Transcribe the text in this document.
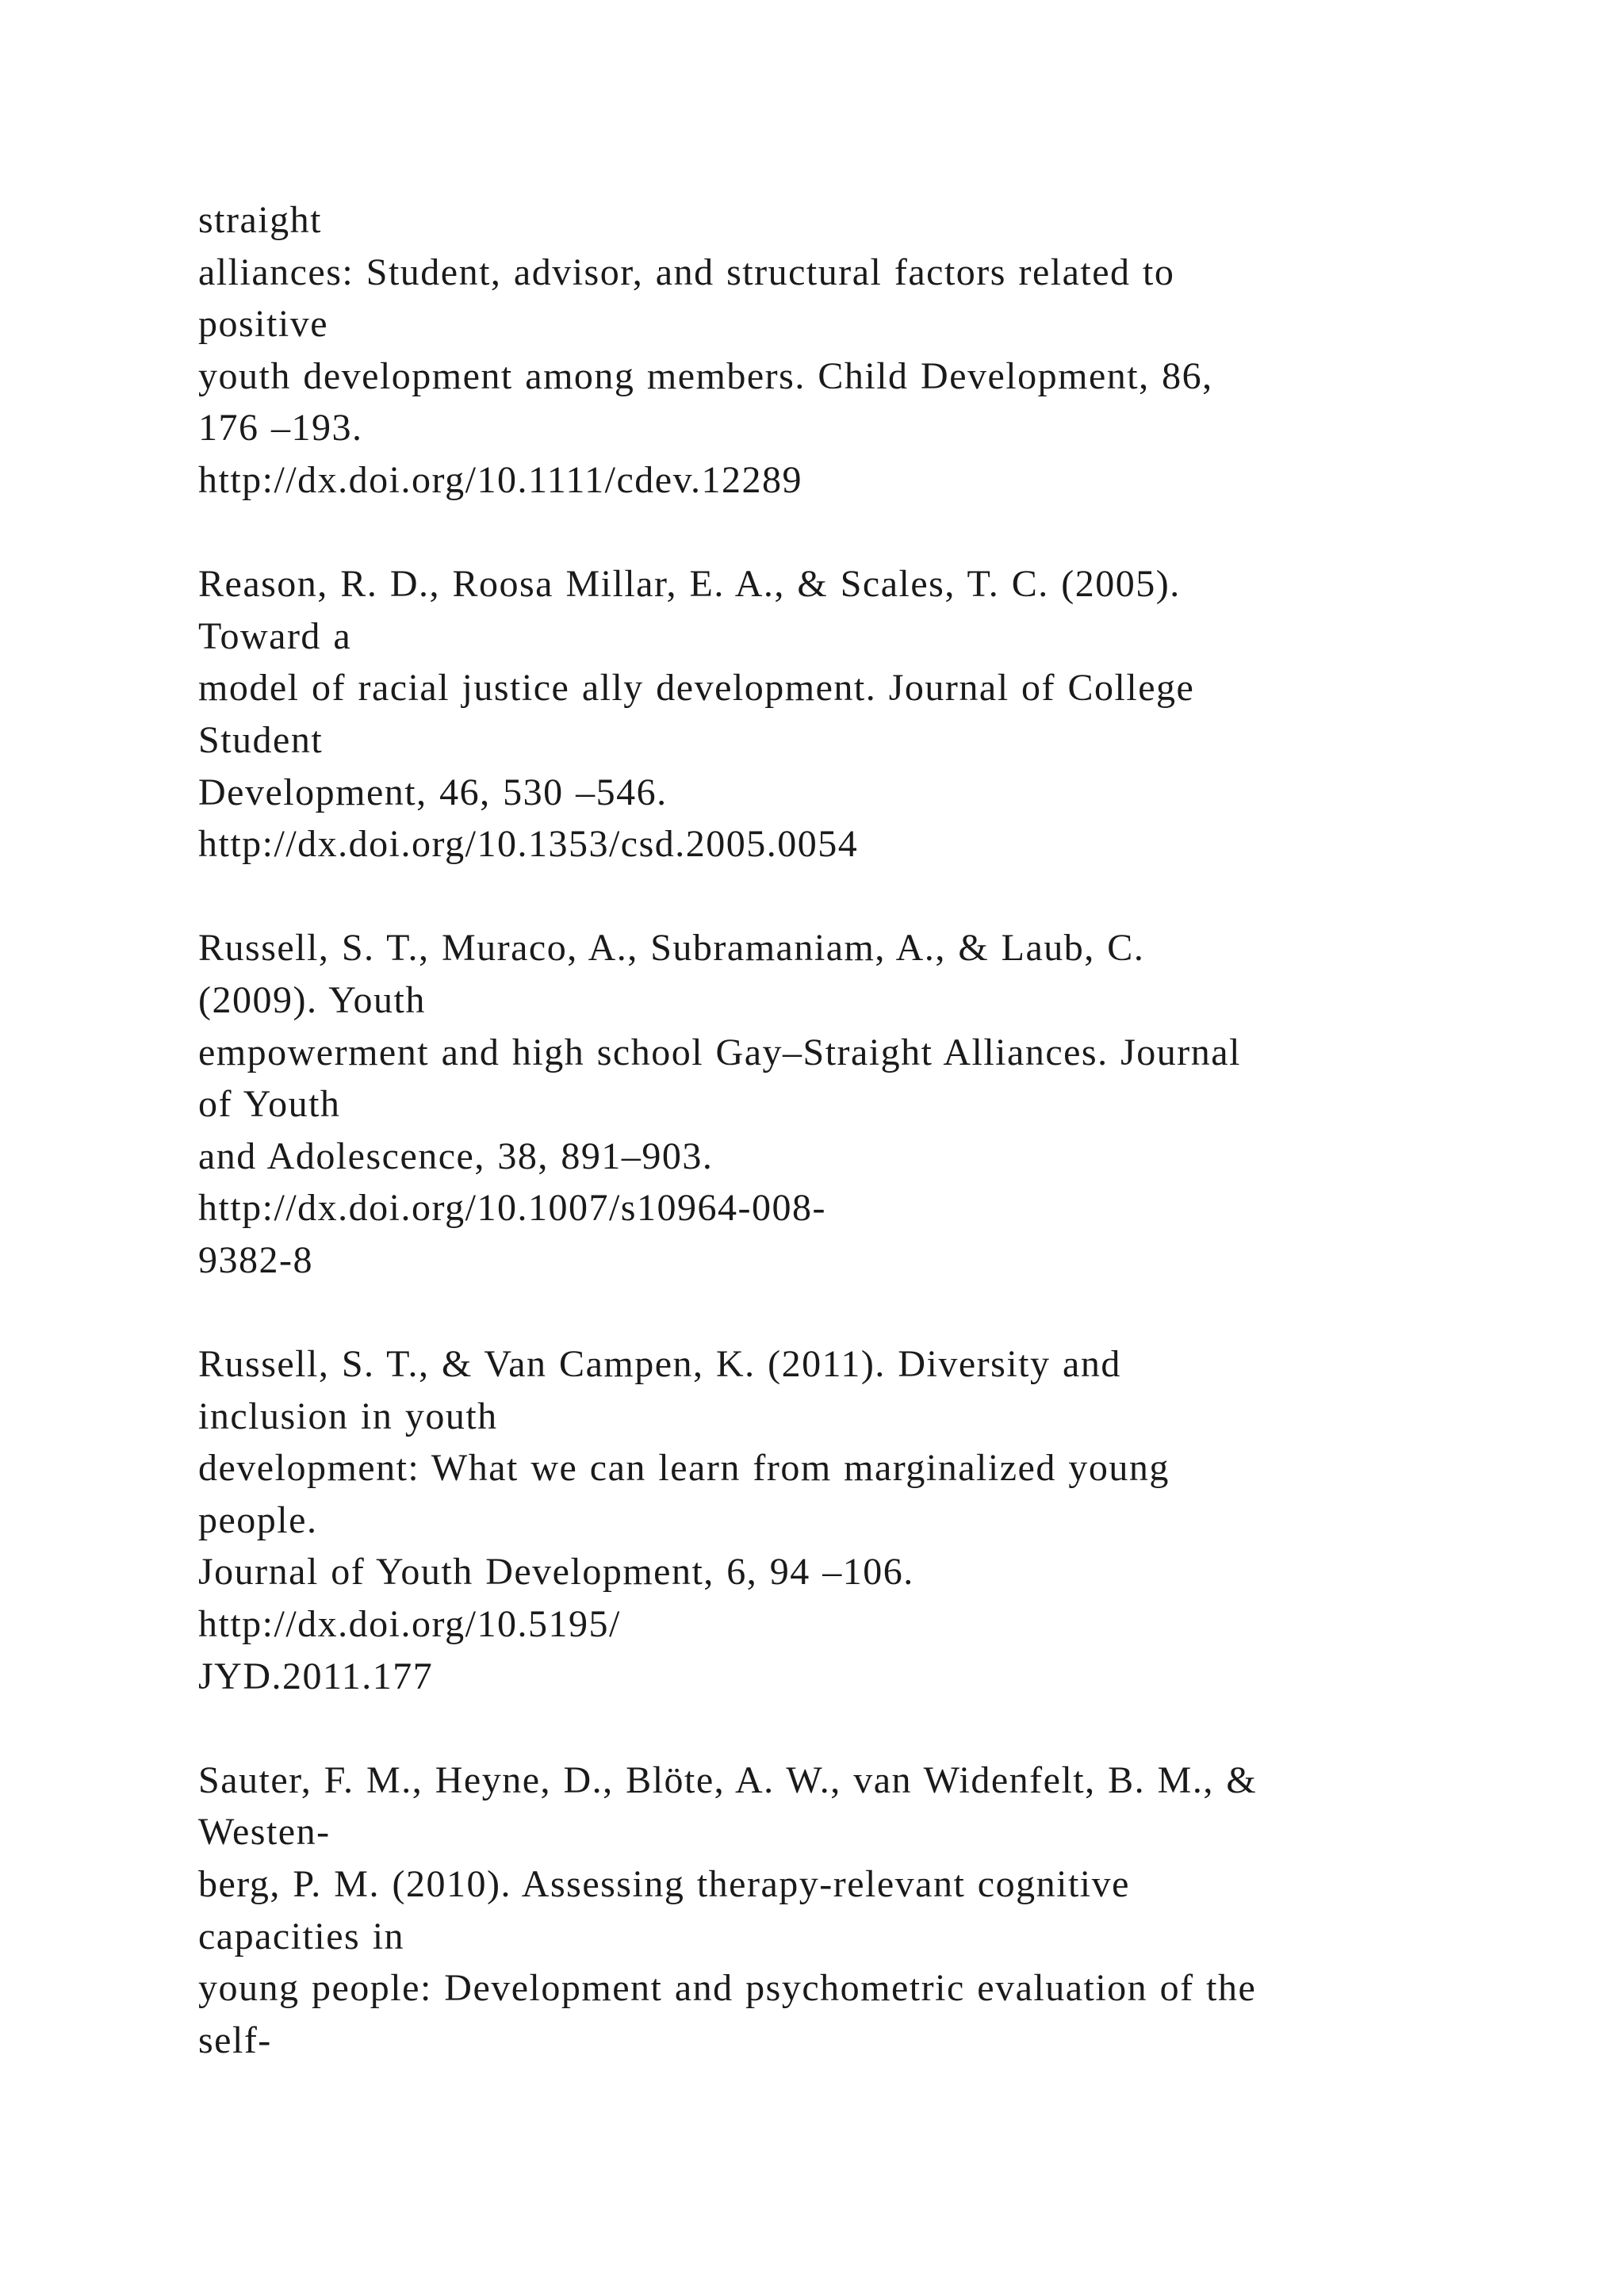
straight
alliances: Student, advisor, and structural factors related to
positive
youth development among members. Child Development, 86,
176 –193.
http://dx.doi.org/10.1111/cdev.12289
Reason, R. D., Roosa Millar, E. A., & Scales, T. C. (2005).
Toward a
model of racial justice ally development. Journal of College
Student
Development, 46, 530 –546.
http://dx.doi.org/10.1353/csd.2005.0054
Russell, S. T., Muraco, A., Subramaniam, A., & Laub, C.
(2009). Youth
empowerment and high school Gay–Straight Alliances. Journal
of Youth
and Adolescence, 38, 891–903.
http://dx.doi.org/10.1007/s10964-008-
9382-8
Russell, S. T., & Van Campen, K. (2011). Diversity and
inclusion in youth
development: What we can learn from marginalized young
people.
Journal of Youth Development, 6, 94 –106.
http://dx.doi.org/10.5195/
JYD.2011.177
Sauter, F. M., Heyne, D., Blöte, A. W., van Widenfelt, B. M., &
Westen-
berg, P. M. (2010). Assessing therapy-relevant cognitive
capacities in
young people: Development and psychometric evaluation of the
self-
